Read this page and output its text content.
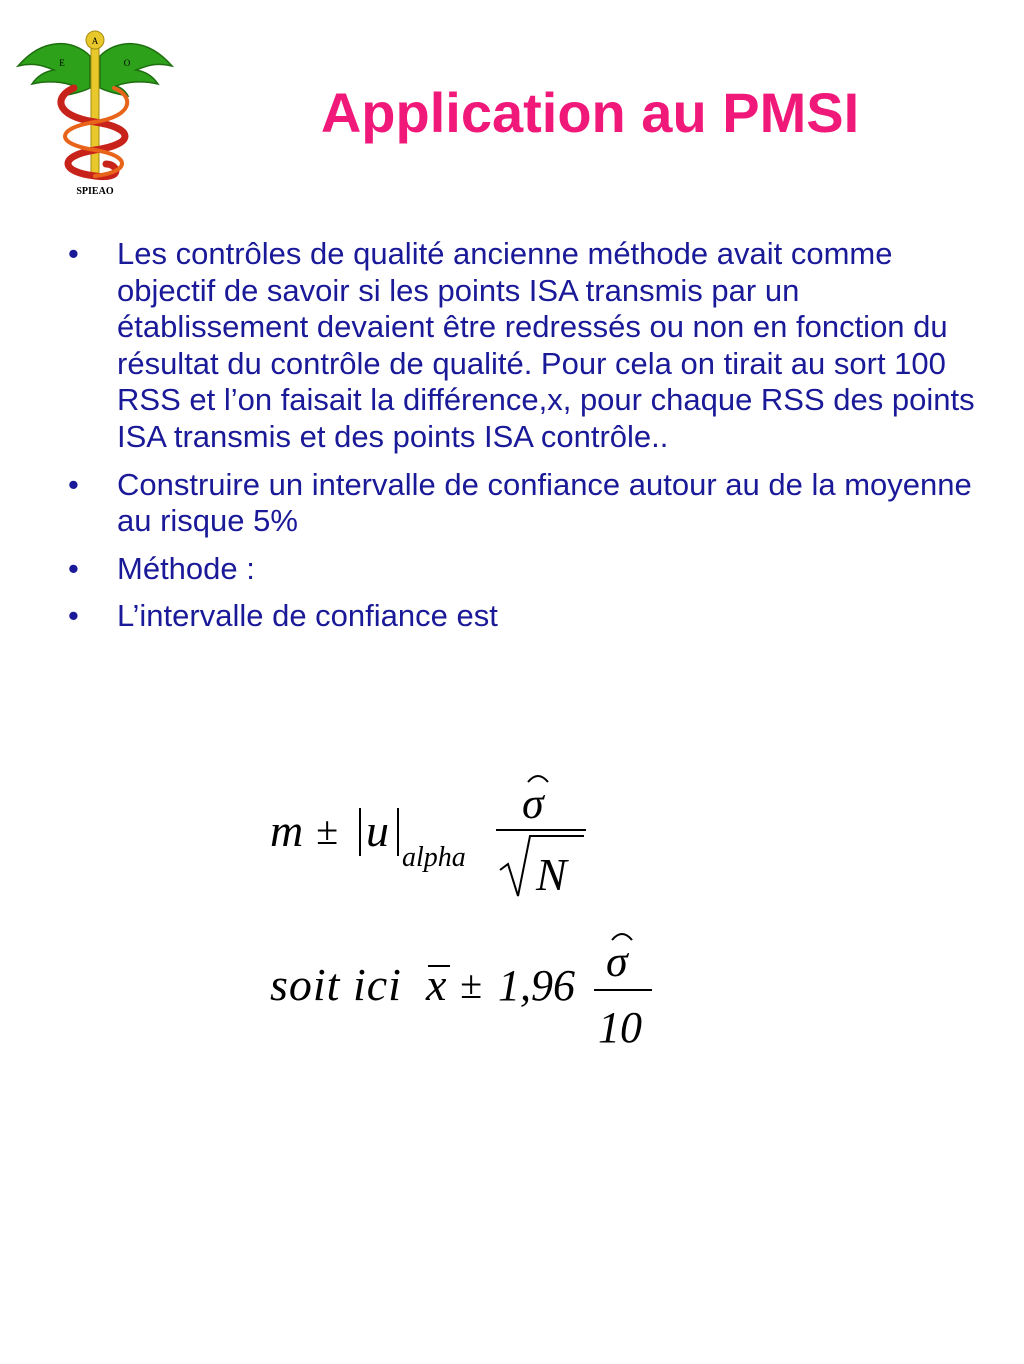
A
E	O
SPIEAO
Application au PMSI
• Les contrôles de qualité ancienne méthode avait comme objectif de savoir si les points ISA transmis par un établissement devaient être redressés ou non en fonction du résultat du contrôle de qualité. Pour cela on tirait au sort 100 RSS et l’on faisait la différence,x, pour chaque RSS des points ISA transmis et des points ISA contrôle..
• Construire un intervalle de confiance autour au de la moyenne au risque 5%
• Méthode :
• L’intervalle de confiance est
m ± u
alpha
σ
N
soit ici x ± 1,96 σ
10
